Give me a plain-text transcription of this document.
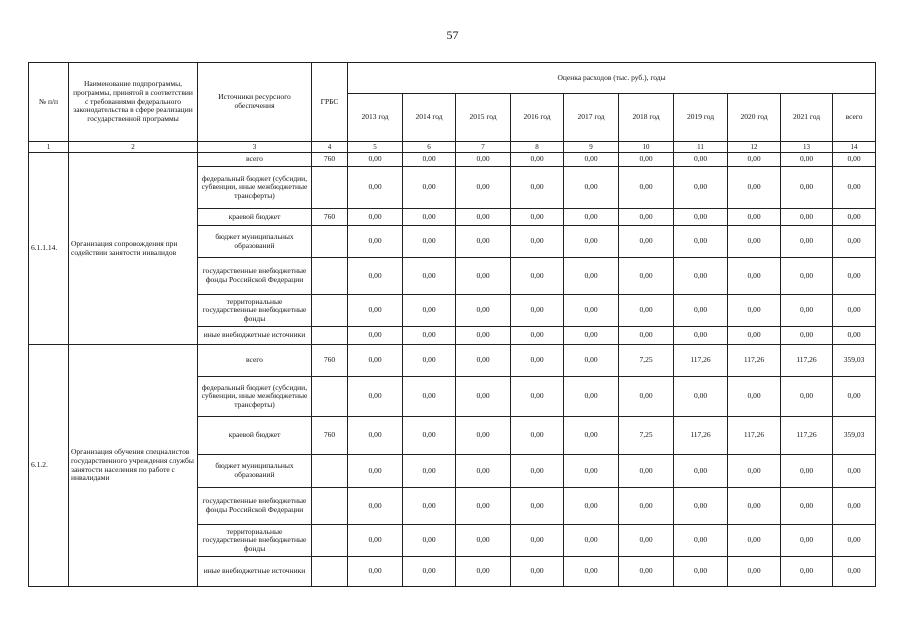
57
№ п/п	Наименование подпрограммы, программы, принятой в соответствии с требованиями федерального законодательства в сфере реализации государственной программы	Источники ресурсного обеспечения	ГРБС	Оценка расходов (тыс. руб.), годы									
				2013 год	2014 год	2015 год	2016 год	2017 год	2018 год	2019 год	2020 год	2021 год	всего
1	2	3	4	5	6	7	8	9	10	11	12	13	14
6.1.1.14.	Организация сопровождения при содействии занятости инвалидов	всего	760	0,00	0,00	0,00	0,00	0,00	0,00	0,00	0,00	0,00	0,00
		федеральный бюджет (субсидии, субвенции, иные межбюджетные трансферты)		0,00	0,00	0,00	0,00	0,00	0,00	0,00	0,00	0,00	0,00
		краевой бюджет	760	0,00	0,00	0,00	0,00	0,00	0,00	0,00	0,00	0,00	0,00
		бюджет муниципальных образований		0,00	0,00	0,00	0,00	0,00	0,00	0,00	0,00	0,00	0,00
		государственные внебюджетные фонды Российской Федерации		0,00	0,00	0,00	0,00	0,00	0,00	0,00	0,00	0,00	0,00
		территориальные государственные внебюджетные фонды		0,00	0,00	0,00	0,00	0,00	0,00	0,00	0,00	0,00	0,00
		иные внебюджетные источники		0,00	0,00	0,00	0,00	0,00	0,00	0,00	0,00	0,00	0,00
6.1.2.	Организация обучения специалистов государственного учреждения службы занятости населения по работе с инвалидами	всего	760	0,00	0,00	0,00	0,00	0,00	7,25	117,26	117,26	117,26	359,03
		федеральный бюджет (субсидии, субвенции, иные межбюджетные трансферты)		0,00	0,00	0,00	0,00	0,00	0,00	0,00	0,00	0,00	0,00
		краевой бюджет	760	0,00	0,00	0,00	0,00	0,00	7,25	117,26	117,26	117,26	359,03
		бюджет муниципальных образований		0,00	0,00	0,00	0,00	0,00	0,00	0,00	0,00	0,00	0,00
		государственные внебюджетные фонды Российской Федерации		0,00	0,00	0,00	0,00	0,00	0,00	0,00	0,00	0,00	0,00
		территориальные государственные внебюджетные фонды		0,00	0,00	0,00	0,00	0,00	0,00	0,00	0,00	0,00	0,00
		иные внебюджетные источники		0,00	0,00	0,00	0,00	0,00	0,00	0,00	0,00	0,00	0,00
